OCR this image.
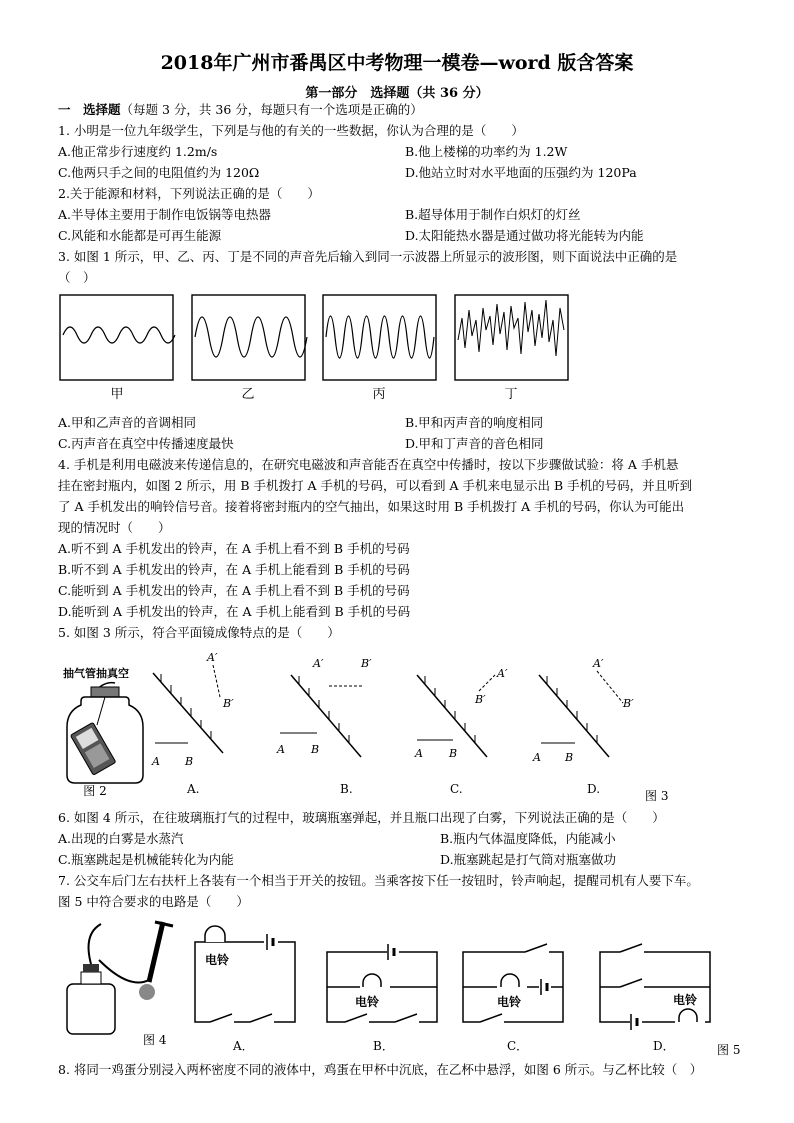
2018年广州市番禺区中考物理一模卷—word 版含答案
第一部分　选择题（共 36 分）
一　选择题（每题 3 分，共 36 分，每题只有一个选项是正确的）
1. 小明是一位九年级学生，下列是与他的有关的一些数据，你认为合理的是（　　）
A.他正常步行速度约 1.2m/s	B.他上楼梯的功率约为 1.2W
C.他两只手之间的电阻值约为 120Ω	D.他站立时对水平地面的压强约为 120Pa
2.关于能源和材料，下列说法正确的是（　　）
A.半导体主要用于制作电饭锅等电热器	B.超导体用于制作白炽灯的灯丝
C.风能和水能都是可再生能源	D.太阳能热水器是通过做功将光能转为内能
3. 如图 1 所示，甲、乙、丙、丁是不同的声音先后输入到同一示波器上所显示的波形图，则下面说法中正确的是
（　）
甲	乙	丙	丁
A.甲和乙声音的音调相同	B.甲和丙声音的响度相同
C.丙声音在真空中传播速度最快	D.甲和丁声音的音色相同
4. 手机是利用电磁波来传递信息的，在研究电磁波和声音能否在真空中传播时，按以下步骤做试验：将 A 手机悬
挂在密封瓶内，如图 2 所示，用 B 手机拨打 A 手机的号码，可以看到 A 手机来电显示出 B 手机的号码，并且听到
了 A 手机发出的响铃信号音。接着将密封瓶内的空气抽出，如果这时用 B 手机拨打 A 手机的号码，你认为可能出
现的情况时（　　）
A.听不到 A 手机发出的铃声，在 A 手机上看不到 B 手机的号码
B.听不到 A 手机发出的铃声，在 A 手机上能看到 B 手机的号码
C.能听到 A 手机发出的铃声，在 A 手机上看不到 B 手机的号码
D.能听到 A 手机发出的铃声，在 A 手机上能看到 B 手机的号码
5. 如图 3 所示，符合平面镜成像特点的是（　　）
抽气管抽真空
图 2
A B
A′
B′
A.
A B
A′	B′
B.
A B
A′
B′
C.
A B
A′
B′
D.	图 3
6. 如图 4 所示，在往玻璃瓶打气的过程中，玻璃瓶塞弹起，并且瓶口出现了白雾，下列说法正确的是（　　）
A.出现的白雾是水蒸汽	B.瓶内气体温度降低，内能减小
C.瓶塞跳起是机械能转化为内能	D.瓶塞跳起是打气筒对瓶塞做功
7. 公交车后门左右扶杆上各装有一个相当于开关的按钮。当乘客按下任一按钮时，铃声响起，提醒司机有人要下车。
图 5 中符合要求的电路是（　　）
图 4
电铃
A．
电铃
B．
电铃
C．
电铃
D．	图 5
8. 将同一鸡蛋分别浸入两杯密度不同的液体中，鸡蛋在甲杯中沉底，在乙杯中悬浮，如图 6 所示。与乙杯比较（　）
